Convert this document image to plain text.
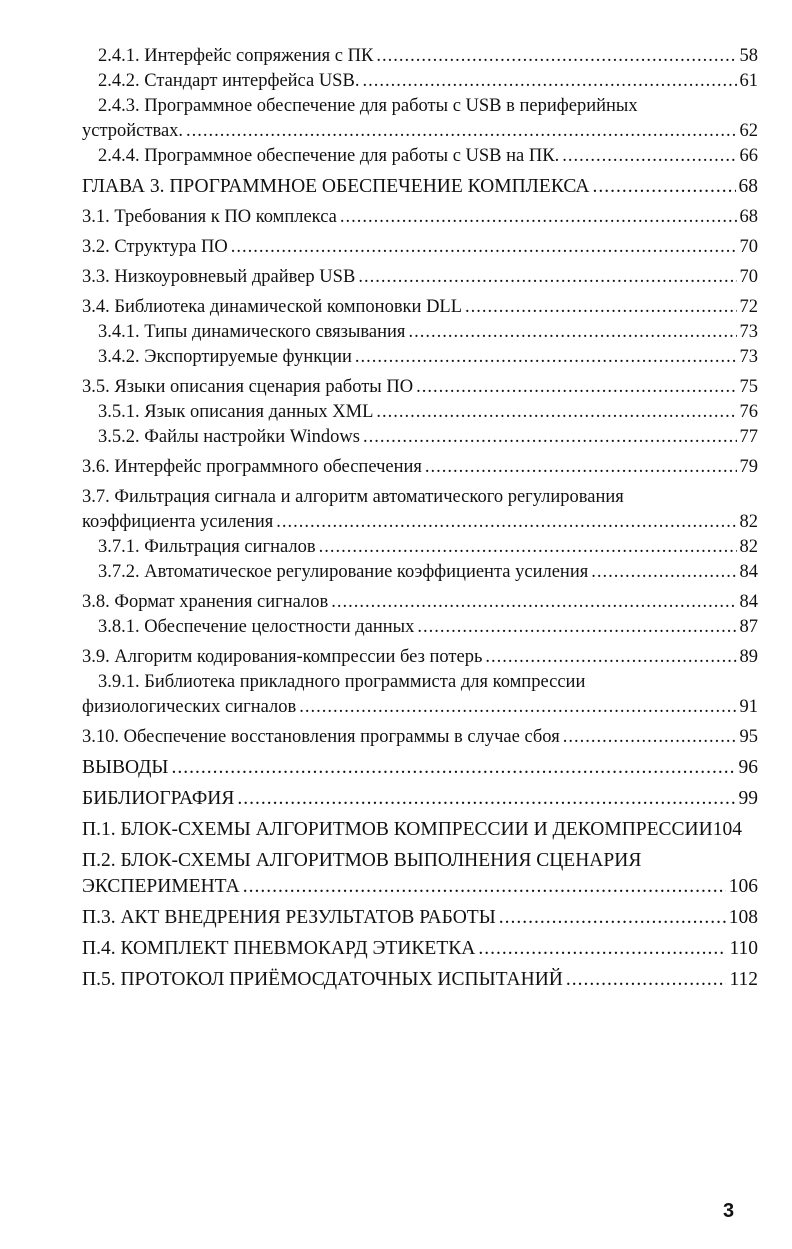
2.4.1. Интерфейс сопряжения с ПК .....	58
2.4.2. Стандарт интерфейса USB. .....	61
2.4.3. Программное обеспечение для работы с USB в периферийных
устройствах. .....	62
2.4.4. Программное обеспечение для работы с USB на ПК. .....	66
ГЛАВА 3. ПРОГРАММНОЕ ОБЕСПЕЧЕНИЕ КОМПЛЕКСА .....	68
3.1. Требования к ПО комплекса .....	68
3.2. Структура ПО .....	70
3.3. Низкоуровневый драйвер USB .....	70
3.4. Библиотека динамической компоновки DLL .....	72
3.4.1. Типы динамического связывания .....	73
3.4.2. Экспортируемые функции .....	73
3.5. Языки описания сценария работы ПО .....	75
3.5.1. Язык описания данных XML .....	76
3.5.2. Файлы настройки Windows .....	77
3.6. Интерфейс программного обеспечения .....	79
3.7. Фильтрация сигнала и алгоритм автоматического регулирования
коэффициента усиления .....	82
3.7.1. Фильтрация сигналов .....	82
3.7.2. Автоматическое регулирование коэффициента усиления .....	84
3.8. Формат хранения сигналов .....	84
3.8.1. Обеспечение целостности данных .....	87
3.9. Алгоритм кодирования-компрессии без потерь .....	89
3.9.1. Библиотека прикладного программиста для компрессии
физиологических сигналов .....	91
3.10. Обеспечение восстановления программы в случае сбоя .....	95
ВЫВОДЫ .....	96
БИБЛИОГРАФИЯ .....	99
П.1. БЛОК-СХЕМЫ АЛГОРИТМОВ КОМПРЕССИИ И ДЕКОМПРЕССИИ 104
П.2. БЛОК-СХЕМЫ АЛГОРИТМОВ ВЫПОЛНЕНИЯ СЦЕНАРИЯ
ЭКСПЕРИМЕНТА .....	106
П.3. АКТ ВНЕДРЕНИЯ РЕЗУЛЬТАТОВ РАБОТЫ .....	108
П.4. КОМПЛЕКТ ПНЕВМОКАРД ЭТИКЕТКА .....	110
П.5. ПРОТОКОЛ ПРИЁМОСДАТОЧНЫХ ИСПЫТАНИЙ .....	112
3
